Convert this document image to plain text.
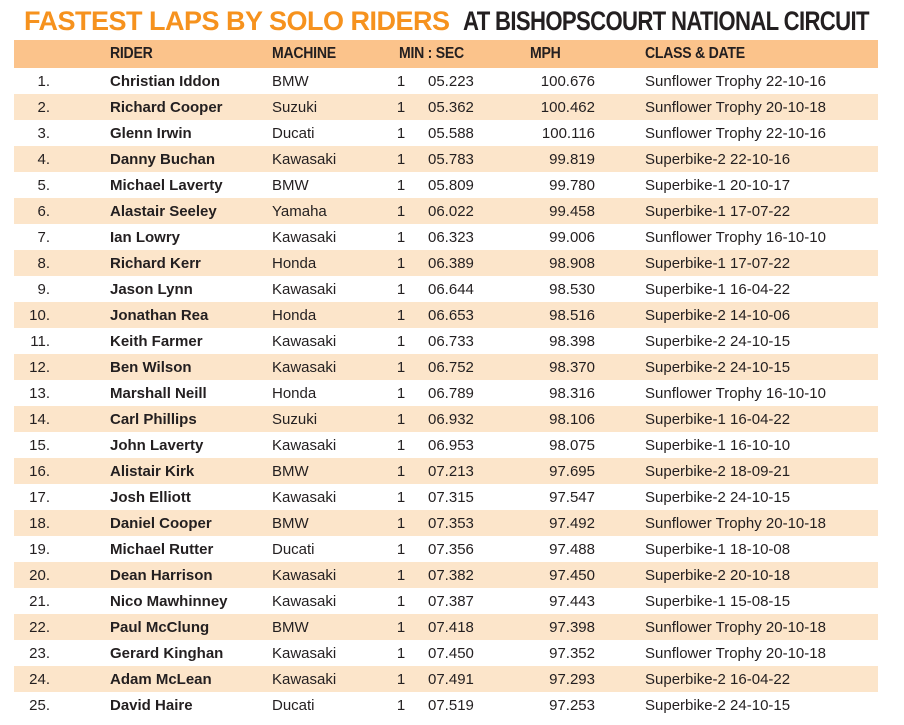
FASTEST LAPS BY SOLO RIDERS AT BISHOPSCOURT NATIONAL CIRCUIT
	RIDER	MACHINE	MIN : SEC		MPH	CLASS & DATE
1.	Christian Iddon	BMW	1	05.223	100.676	Sunflower Trophy 22-10-16
2.	Richard Cooper	Suzuki	1	05.362	100.462	Sunflower Trophy 20-10-18
3.	Glenn Irwin	Ducati	1	05.588	100.116	Sunflower Trophy 22-10-16
4.	Danny Buchan	Kawasaki	1	05.783	99.819	Superbike-2 22-10-16
5.	Michael Laverty	BMW	1	05.809	99.780	Superbike-1 20-10-17
6.	Alastair Seeley	Yamaha	1	06.022	99.458	Superbike-1 17-07-22
7.	Ian Lowry	Kawasaki	1	06.323	99.006	Sunflower Trophy 16-10-10
8.	Richard Kerr	Honda	1	06.389	98.908	Superbike-1 17-07-22
9.	Jason Lynn	Kawasaki	1	06.644	98.530	Superbike-1 16-04-22
10.	Jonathan Rea	Honda	1	06.653	98.516	Superbike-2 14-10-06
11.	Keith Farmer	Kawasaki	1	06.733	98.398	Superbike-2 24-10-15
12.	Ben Wilson	Kawasaki	1	06.752	98.370	Superbike-2 24-10-15
13.	Marshall Neill	Honda	1	06.789	98.316	Sunflower Trophy 16-10-10
14.	Carl Phillips	Suzuki	1	06.932	98.106	Superbike-1 16-04-22
15.	John Laverty	Kawasaki	1	06.953	98.075	Superbike-1 16-10-10
16.	Alistair Kirk	BMW	1	07.213	97.695	Superbike-2 18-09-21
17.	Josh Elliott	Kawasaki	1	07.315	97.547	Superbike-2 24-10-15
18.	Daniel Cooper	BMW	1	07.353	97.492	Sunflower Trophy 20-10-18
19.	Michael Rutter	Ducati	1	07.356	97.488	Superbike-1 18-10-08
20.	Dean Harrison	Kawasaki	1	07.382	97.450	Superbike-2 20-10-18
21.	Nico Mawhinney	Kawasaki	1	07.387	97.443	Superbike-1 15-08-15
22.	Paul McClung	BMW	1	07.418	97.398	Sunflower Trophy 20-10-18
23.	Gerard Kinghan	Kawasaki	1	07.450	97.352	Sunflower Trophy 20-10-18
24.	Adam McLean	Kawasaki	1	07.491	97.293	Superbike-2 16-04-22
25.	David Haire	Ducati	1	07.519	97.253	Superbike-2 24-10-15
